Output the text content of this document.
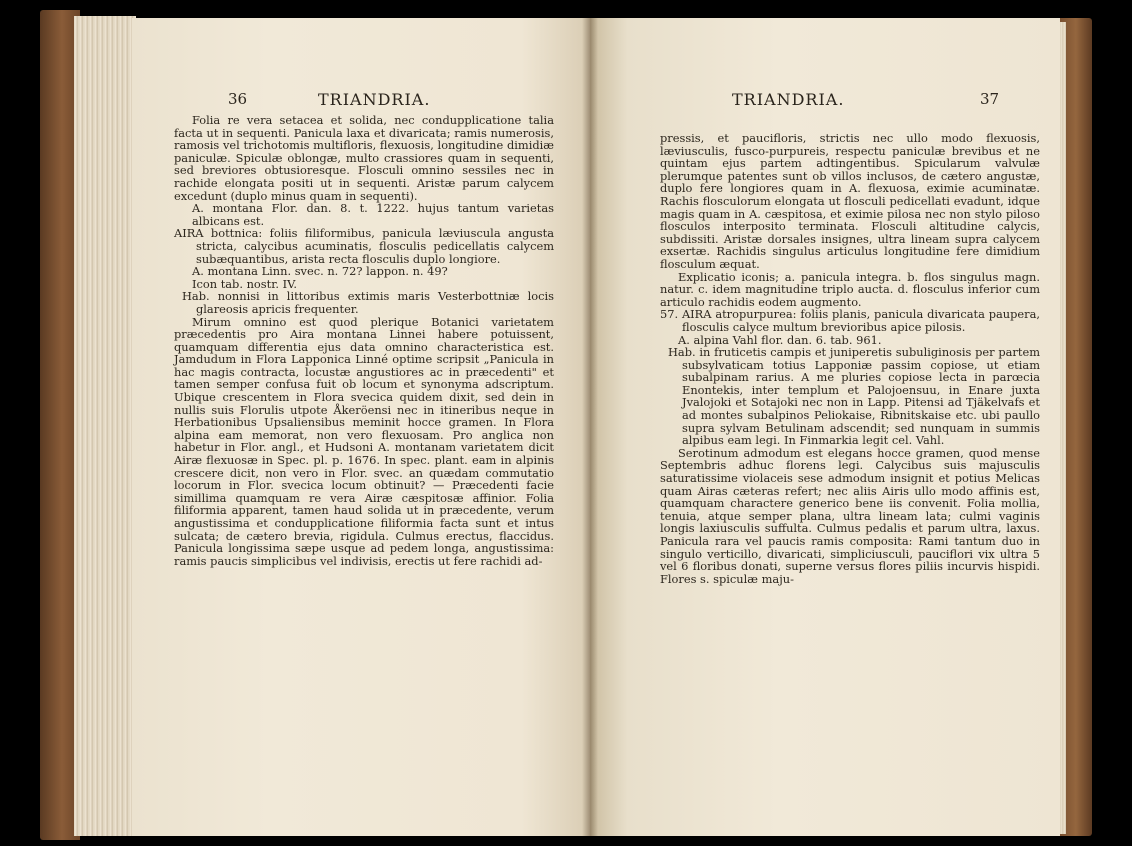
36	TRIANDRIA.

Folia re vera setacea et solida, nec condupplicatione talia facta ut in sequenti. Panicula laxa et divaricata; ramis numerosis, ramosis vel trichotomis multifloris, flexuosis, longitudine dimidiæ paniculæ. Spiculæ oblongæ, multo crassiores quam in sequenti, sed breviores obtusioresque. Flosculi omnino sessiles nec in rachide elongata positi ut in sequenti. Aristæ parum calycem excedunt (duplo minus quam in sequenti).

A. montana Flor. dan. 8. t. 1222. hujus tantum varietas albicans est.

AIRA bottnica: foliis filiformibus, panicula læviuscula angusta stricta, calycibus acuminatis, flosculis pedicellatis calycem subæquantibus, arista recta flosculis duplo longiore.

A. montana Linn. svec. n. 72? lappon. n. 49?

Icon tab. nostr. IV.

Hab. nonnisi in littoribus extimis maris Vesterbottniæ locis glareosis apricis frequenter.

Mirum omnino est quod plerique Botanici varietatem præcedentis pro Aira montana Linnei habere potuissent, quamquam differentia ejus data omnino characteristica est. Jamdudum in Flora Lapponica Linné optime scripsit „Panicula in hac magis contracta, locustæ angustiores ac in præcedenti" et tamen semper confusa fuit ob locum et synonyma adscriptum. Ubique crescentem in Flora svecica quidem dixit, sed dein in nullis suis Florulis utpote Åkeröensi nec in itineribus neque in Herbationibus Upsaliensibus meminit hocce gramen. In Flora alpina eam memorat, non vero flexuosam. Pro anglica non habetur in Flor. angl., et Hudsoni A. montanam varietatem dicit Airæ flexuosæ in Spec. pl. p. 1676. In spec. plant. eam in alpinis crescere dicit, non vero in Flor. svec. an quædam commutatio locorum in Flor. svecica locum obtinuit? — Præcedenti facie simillima quamquam re vera Airæ cæspitosæ affinior. Folia filiformia apparent, tamen haud solida ut in præcedente, verum angustissima et condupplicatione filiformia facta sunt et intus sulcata; de cætero brevia, rigidula. Culmus erectus, flaccidus. Panicula longissima sæpe usque ad pedem longa, angustissima: ramis paucis simplicibus vel indivisis, erectis ut fere rachidi ad-

TRIANDRIA.	37

pressis, et paucifloris, strictis nec ullo modo flexuosis, læviusculis, fusco-purpureis, respectu paniculæ brevibus et ne quintam ejus partem adtingentibus. Spicularum valvulæ plerumque patentes sunt ob villos inclusos, de cætero angustæ, duplo fere longiores quam in A. flexuosa, eximie acuminatæ. Rachis flosculorum elongata ut flosculi pedicellati evadunt, idque magis quam in A. cæspitosa, et eximie pilosa nec non stylo piloso flosculos interposito terminata. Flosculi altitudine calycis, subdissiti. Aristæ dorsales insignes, ultra lineam supra calycem exsertæ. Rachidis singulus articulus longitudine fere dimidium flosculum æquat.

Explicatio iconis; a. panicula integra. b. flos singulus magn. natur. c. idem magnitudine triplo aucta. d. flosculus inferior cum articulo rachidis eodem augmento.

57. AIRA atropurpurea: foliis planis, panicula divaricata paupera, flosculis calyce multum brevioribus apice pilosis.

A. alpina Vahl flor. dan. 6. tab. 961.

Hab. in fruticetis campis et juniperetis subuliginosis per partem subsylvaticam totius Lapponiæ passim copiose, ut etiam subalpinam rarius. A me pluries copiose lecta in parœcia Enontekis, inter templum et Palojoensuu, in Enare juxta Jvalojoki et Sotajoki nec non in Lapp. Pitensi ad Tjäkelvafs et ad montes subalpinos Peliokaise, Ribnitskaise etc. ubi paullo supra sylvam Betulinam adscendit; sed nunquam in summis alpibus eam legi. In Finmarkia legit cel. Vahl.

Serotinum admodum est elegans hocce gramen, quod mense Septembris adhuc florens legi. Calycibus suis majusculis saturatissime violaceis sese admodum insignit et potius Melicas quam Airas cæteras refert; nec aliis Airis ullo modo affinis est, quamquam charactere generico bene iis convenit. Folia mollia, tenuia, atque semper plana, ultra lineam lata; culmi vaginis longis laxiusculis suffulta. Culmus pedalis et parum ultra, laxus. Panicula rara vel paucis ramis composita: Rami tantum duo in singulo verticillo, divaricati, simpliciusculi, pauciflori vix ultra 5 vel 6 floribus donati, superne versus flores piliis incurvis hispidi. Flores s. spiculæ maju-
